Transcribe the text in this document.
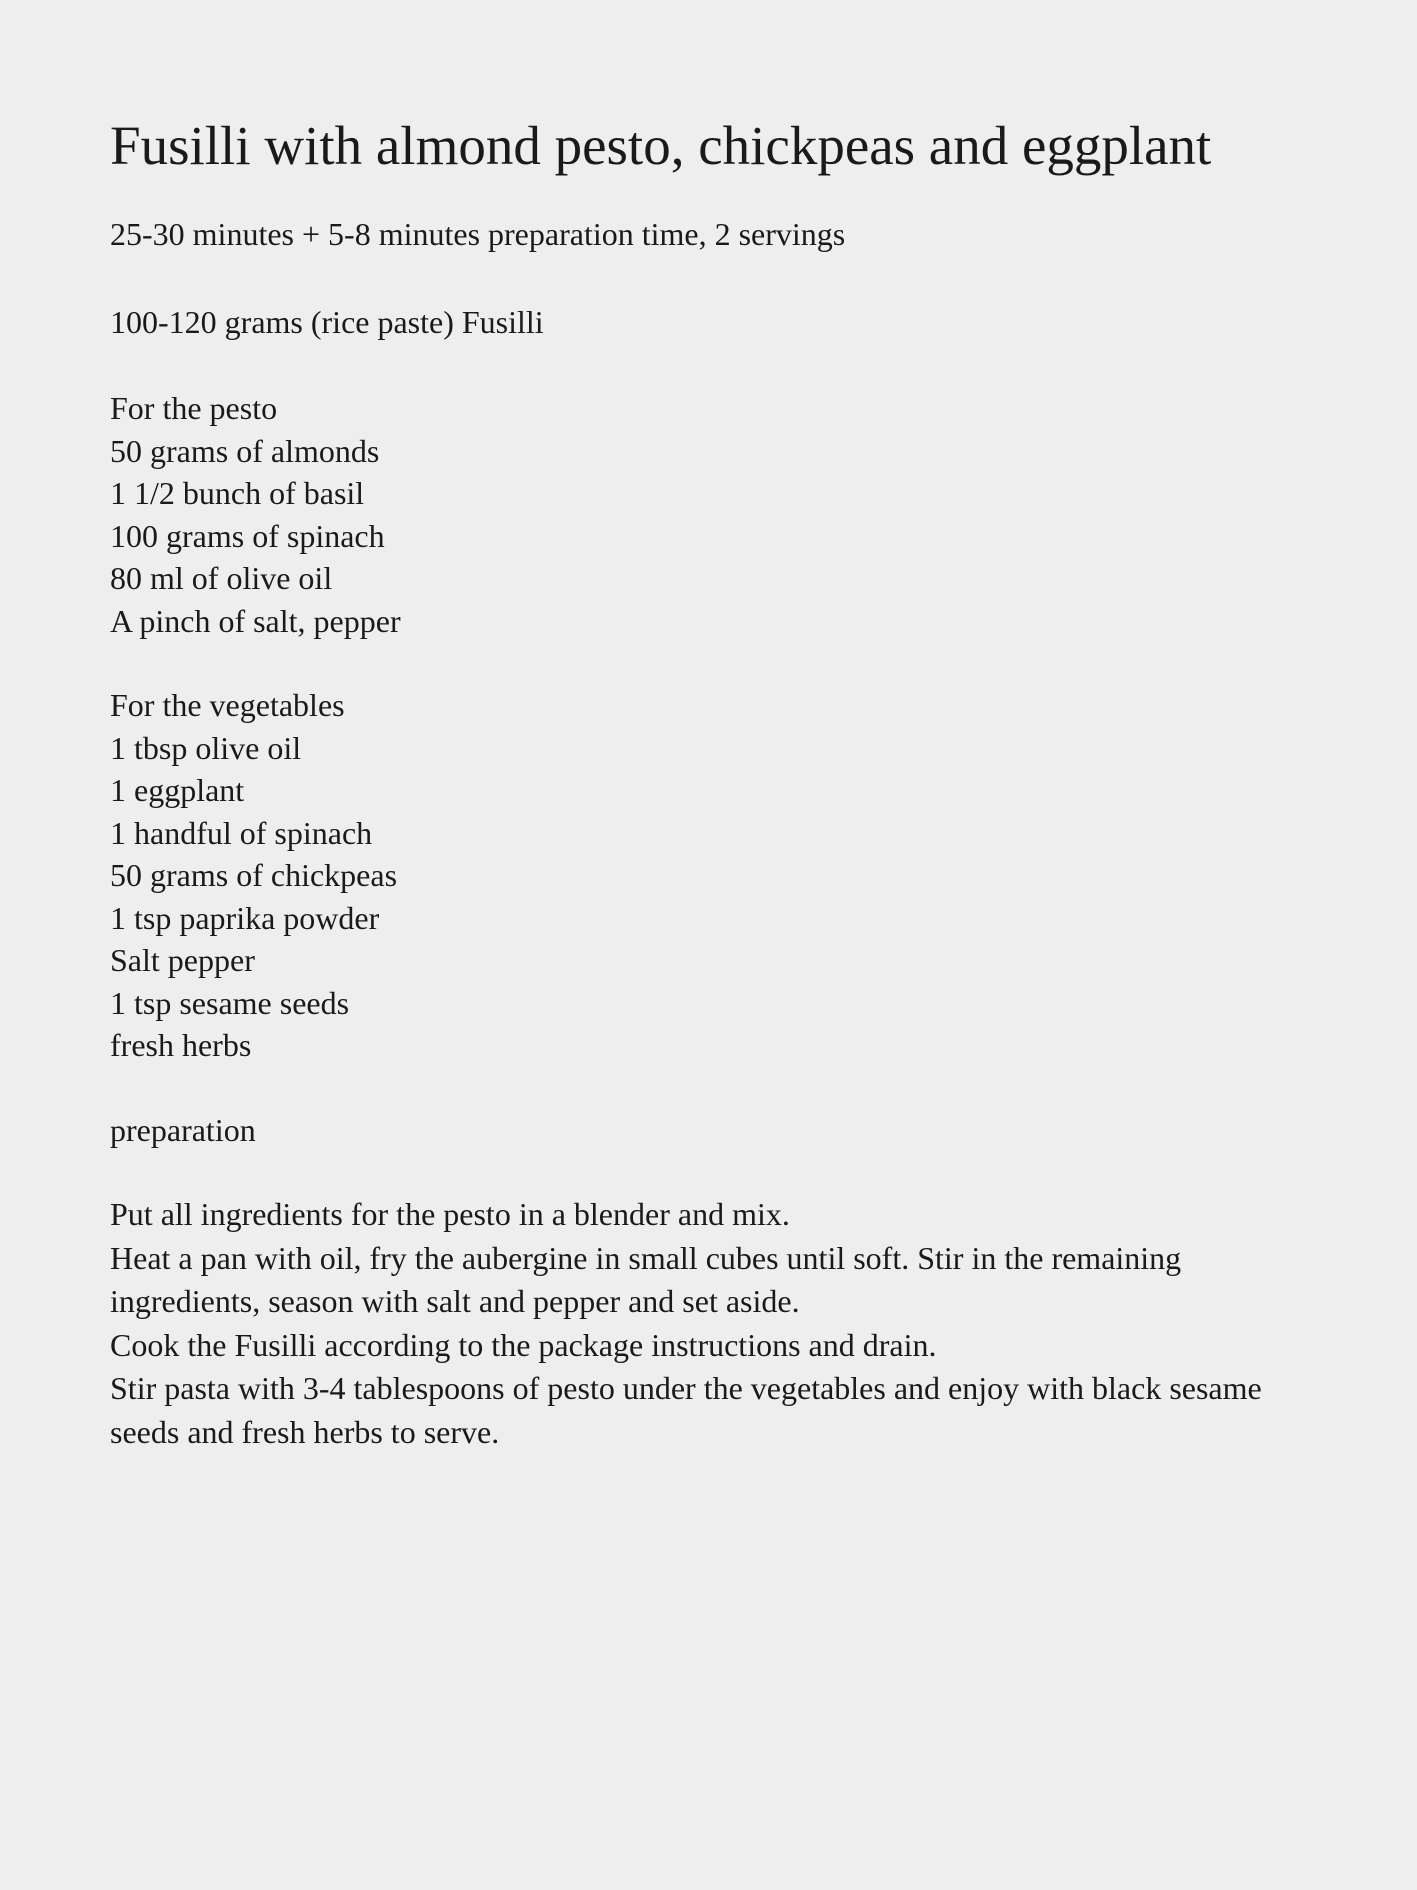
Fusilli with almond pesto, chickpeas and eggplant

25-30 minutes + 5-8 minutes preparation time, 2 servings

100-120 grams (rice paste) Fusilli

For the pesto
50 grams of almonds
1 1/2 bunch of basil
100 grams of spinach
80 ml of olive oil
A pinch of salt, pepper
For the vegetables
1 tbsp olive oil
1 eggplant
1 handful of spinach
50 grams of chickpeas
1 tsp paprika powder
Salt pepper
1 tsp sesame seeds
fresh herbs

preparation

Put all ingredients for the pesto in a blender and mix.
Heat a pan with oil, fry the aubergine in small cubes until soft. Stir in the remaining ingredients, season with salt and pepper and set aside.
Cook the Fusilli according to the package instructions and drain.
Stir pasta with 3-4 tablespoons of pesto under the vegetables and enjoy with black sesame seeds and fresh herbs to serve.
